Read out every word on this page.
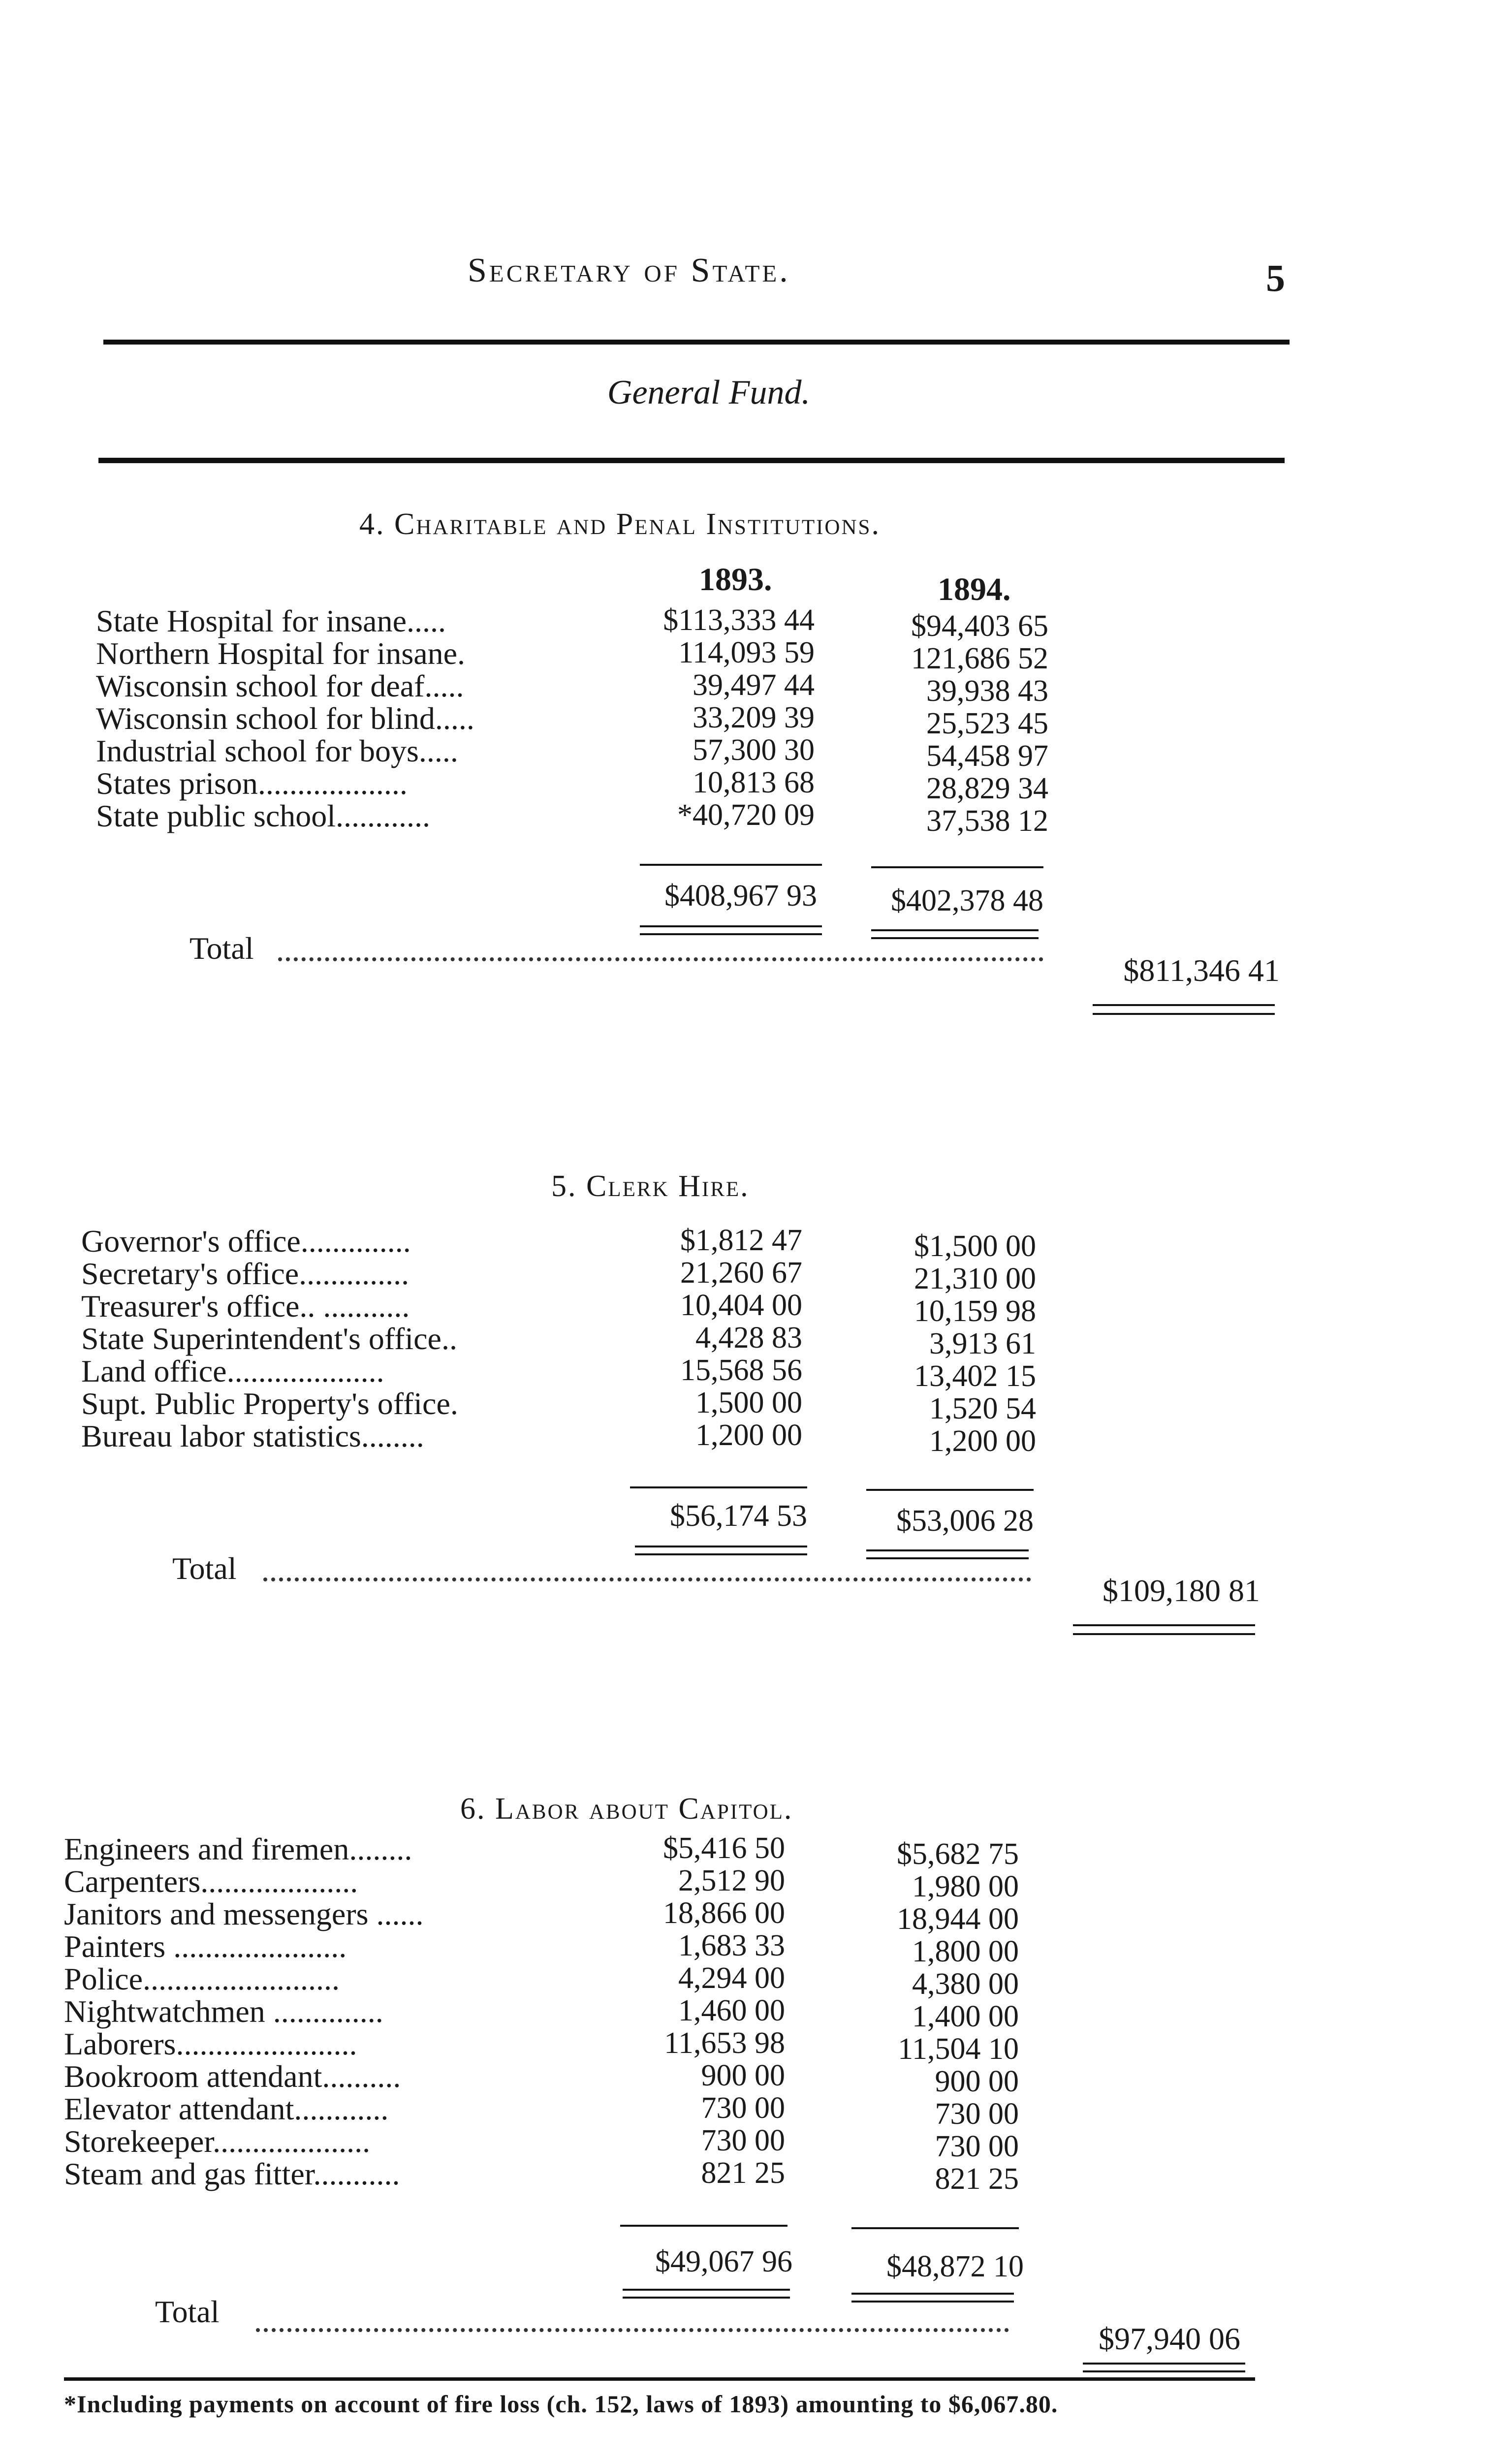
Secretary of State.	5
General Fund.
4. Charitable and Penal Institutions.
1893.	1894.
State Hospital for insane.....	$113,333 44	$94,403 65
Northern Hospital for insane.	114,093 59	121,686 52
Wisconsin school for deaf.....	39,497 44	39,938 43
Wisconsin school for blind.....	33,209 39	25,523 45
Industrial school for boys.....	57,300 30	54,458 97
States prison...................	10,813 68	28,829 34
State public school............	*40,720 09	37,538 12
$408,967 93	$402,378 48
Total
$811,346 41
5. Clerk Hire.
Governor's office..............	$1,812 47	$1,500 00
Secretary's office..............	21,260 67	21,310 00
Treasurer's office.. ...........	10,404 00	10,159 98
State Superintendent's office..	4,428 83	3,913 61
Land office....................	15,568 56	13,402 15
Supt. Public Property's office.	1,500 00	1,520 54
Bureau labor statistics........	1,200 00	1,200 00
$56,174 53	$53,006 28
Total
$109,180 81
6. Labor about Capitol.
Engineers and firemen........	$5,416 50	$5,682 75
Carpenters....................	2,512 90	1,980 00
Janitors and messengers ......	18,866 00	18,944 00
Painters ......................	1,683 33	1,800 00
Police.........................	4,294 00	4,380 00
Nightwatchmen ..............	1,460 00	1,400 00
Laborers.......................	11,653 98	11,504 10
Bookroom attendant..........	900 00	900 00
Elevator attendant............	730 00	730 00
Storekeeper....................	730 00	730 00
Steam and gas fitter...........	821 25	821 25
$49,067 96	$48,872 10
Total
$97,940 06
*Including payments on account of fire loss (ch. 152, laws of 1893) amounting to $6,067.80.
